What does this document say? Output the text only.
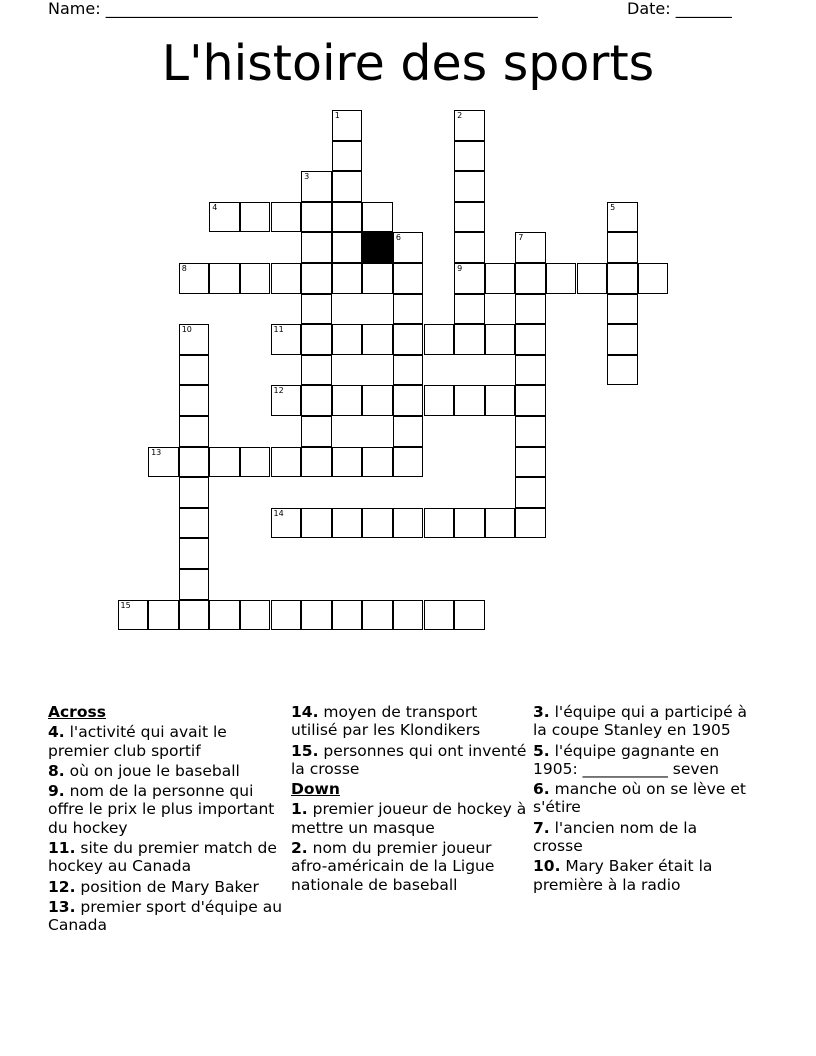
Name: ______________________________________________________	Date: _______
L'histoire des sports
1	2
3
4	5
6	7
8	9
10	11
12
13
14
15
Across
4. l'activité qui avait le premier club sportif
8. où on joue le baseball
9. nom de la personne qui offre le prix le plus important du hockey
11. site du premier match de hockey au Canada
12. position de Mary Baker
13. premier sport d'équipe au Canada
14. moyen de transport utilisé par les Klondikers
15. personnes qui ont inventé la crosse
Down
1. premier joueur de hockey à mettre un masque
2. nom du premier joueur afro-américain de la Ligue nationale de baseball
3. l'équipe qui a participé à la coupe Stanley en 1905
5. l'équipe gagnante en 1905: ___________ seven
6. manche où on se lève et s'étire
7. l'ancien nom de la crosse
10. Mary Baker était la première à la radio
